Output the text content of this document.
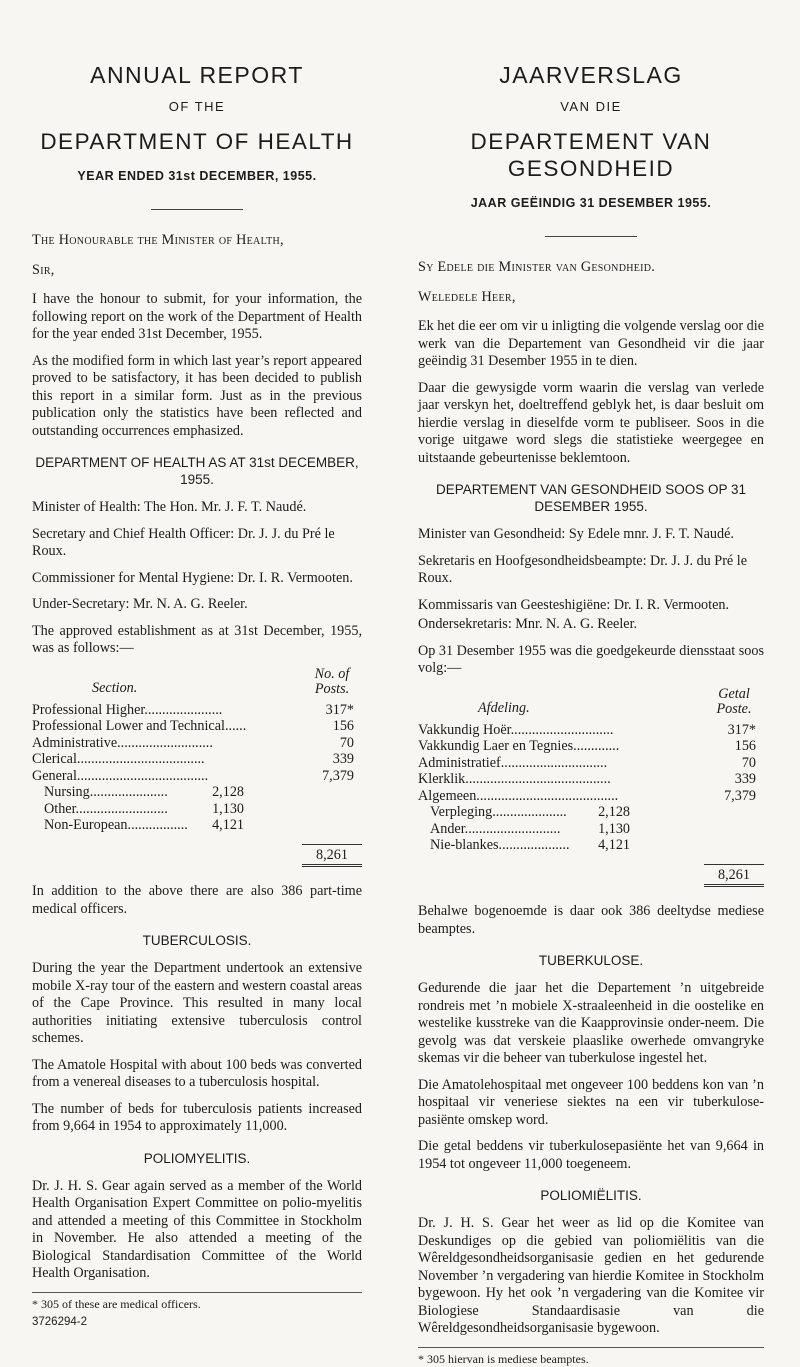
ANNUAL REPORT
OF THE
DEPARTMENT OF HEALTH
YEAR ENDED 31st DECEMBER, 1955.

The Honourable the Minister of Health,

Sir,

I have the honour to submit, for your information, the following report on the work of the Department of Health for the year ended 31st December, 1955.

As the modified form in which last year’s report appeared proved to be satisfactory, it has been decided to publish this report in a similar form. Just as in the previous publication only the statistics have been reflected and outstanding occurrences emphasized.

DEPARTMENT OF HEALTH AS AT 31st DECEMBER, 1955.

Minister of Health: The Hon. Mr. J. F. T. Naudé.

Secretary and Chief Health Officer: Dr. J. J. du Pré le Roux.

Commissioner for Mental Hygiene: Dr. I. R. Vermooten.

Under-Secretary: Mr. N. A. G. Reeler.

The approved establishment as at 31st December, 1955, was as follows:—

Section.
No. of Posts.
Professional Higher......................	317*
Professional Lower and Technical......	156
Administrative...........................	70
Clerical....................................	339
General.....................................	7,379
Nursing......................	2,128
Other..........................	1,130
Non-European................. 4,121
8,261

In addition to the above there are also 386 part-time medical officers.

TUBERCULOSIS.

During the year the Department undertook an extensive mobile X-ray tour of the eastern and western coastal areas of the Cape Province. This resulted in many local authorities initiating extensive tuberculosis control schemes.

The Amatole Hospital with about 100 beds was converted from a venereal diseases to a tuberculosis hospital.

The number of beds for tuberculosis patients increased from 9,664 in 1954 to approximately 11,000.

POLIOMYELITIS.

Dr. J. H. S. Gear again served as a member of the World Health Organisation Expert Committee on polio-myelitis and attended a meeting of this Committee in Stockholm in November. He also attended a meeting of the Biological Standardisation Committee of the World Health Organisation.

* 305 of these are medical officers.
3726294-2
JAARVERSLAG
VAN DIE
DEPARTEMENT VAN GESONDHEID
JAAR GEËINDIG 31 DESEMBER 1955.

Sy Edele die Minister van Gesondheid.

Weledele Heer,

Ek het die eer om vir u inligting die volgende verslag oor die werk van die Departement van Gesondheid vir die jaar geëindig 31 Desember 1955 in te dien.

Daar die gewysigde vorm waarin die verslag van verlede jaar verskyn het, doeltreffend geblyk het, is daar besluit om hierdie verslag in dieselfde vorm te publiseer. Soos in die vorige uitgawe word slegs die statistieke weergegee en uitstaande gebeurtenisse beklemtoon.

DEPARTEMENT VAN GESONDHEID SOOS OP 31 DESEMBER 1955.

Minister van Gesondheid: Sy Edele mnr. J. F. T. Naudé.

Sekretaris en Hoofgesondheidsbeampte: Dr. J. J. du Pré le Roux.

Kommissaris van Geesteshigiëne: Dr. I. R. Vermooten.

Ondersekretaris: Mnr. N. A. G. Reeler.

Op 31 Desember 1955 was die goedgekeurde diensstaat soos volg:—

Afdeling.
Getal Poste.
Vakkundig Hoër.............................	317*
Vakkundig Laer en Tegnies.............	156
Administratief..............................	70
Klerklik.........................................	339
Algemeen........................................	7,379
Verpleging..................... 2,128
Ander...........................	1,130
Nie-blankes.................... 4,121
8,261

Behalwe bogenoemde is daar ook 386 deeltydse mediese beamptes.

TUBERKULOSE.

Gedurende die jaar het die Departement ’n uitgebreide rondreis met ’n mobiele X-straaleenheid in die oostelike en westelike kusstreke van die Kaapprovinsie onder-neem. Die gevolg was dat verskeie plaaslike owerhede omvangryke skemas vir die beheer van tuberkulose ingestel het.

Die Amatolehospitaal met ongeveer 100 beddens kon van ’n hospitaal vir veneriese siektes na een vir tuberkulose-pasiënte omskep word.

Die getal beddens vir tuberkulosepasiënte het van 9,664 in 1954 tot ongeveer 11,000 toegeneem.

POLIOMIËLITIS.

Dr. J. H. S. Gear het weer as lid op die Komitee van Deskundiges op die gebied van poliomiëlitis van die Wêreldgesondheidsorganisasie gedien en het gedurende November ’n vergadering van hierdie Komitee in Stockholm bygewoon. Hy het ook ’n vergadering van die Komitee vir Biologiese Standaardisasie van die Wêreldgesondheidsorganisasie bygewoon.

* 305 hiervan is mediese beamptes.
